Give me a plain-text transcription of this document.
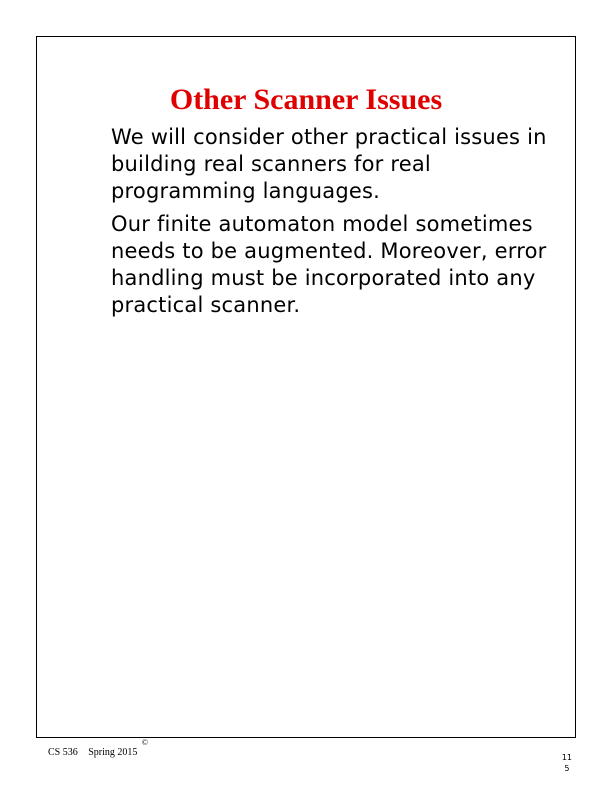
Other Scanner Issues

We will consider other practical issues in building real scanners for real programming languages.

Our finite automaton model sometimes needs to be augmented. Moreover, error handling must be incorporated into any practical scanner.

CS 536 Spring 2015 ©
11
5
